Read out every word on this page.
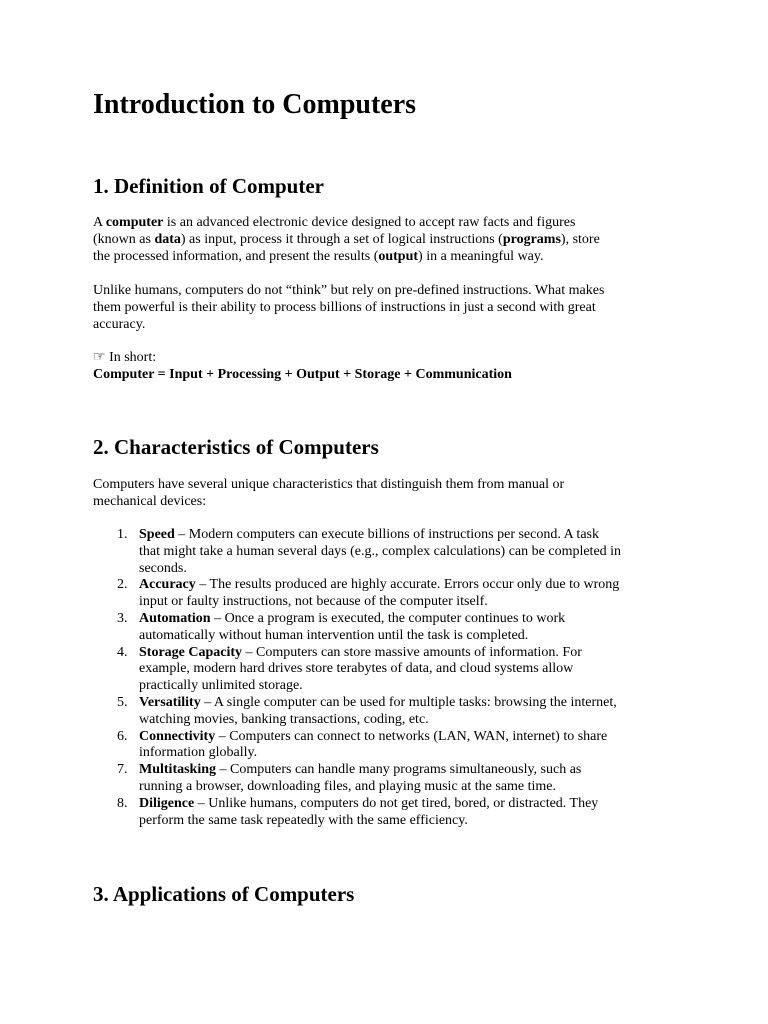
Introduction to Computers
1. Definition of Computer
A computer is an advanced electronic device designed to accept raw facts and figures
(known as data) as input, process it through a set of logical instructions (programs), store
the processed information, and present the results (output) in a meaningful way.
Unlike humans, computers do not “think” but rely on pre-defined instructions. What makes
them powerful is their ability to process billions of instructions in just a second with great
accuracy.
☞ In short:
Computer = Input + Processing + Output + Storage + Communication
2. Characteristics of Computers
Computers have several unique characteristics that distinguish them from manual or
mechanical devices:
1. Speed – Modern computers can execute billions of instructions per second. A task
that might take a human several days (e.g., complex calculations) can be completed in
seconds.
2. Accuracy – The results produced are highly accurate. Errors occur only due to wrong
input or faulty instructions, not because of the computer itself.
3. Automation – Once a program is executed, the computer continues to work
automatically without human intervention until the task is completed.
4. Storage Capacity – Computers can store massive amounts of information. For
example, modern hard drives store terabytes of data, and cloud systems allow
practically unlimited storage.
5. Versatility – A single computer can be used for multiple tasks: browsing the internet,
watching movies, banking transactions, coding, etc.
6. Connectivity – Computers can connect to networks (LAN, WAN, internet) to share
information globally.
7. Multitasking – Computers can handle many programs simultaneously, such as
running a browser, downloading files, and playing music at the same time.
8. Diligence – Unlike humans, computers do not get tired, bored, or distracted. They
perform the same task repeatedly with the same efficiency.
3. Applications of Computers
